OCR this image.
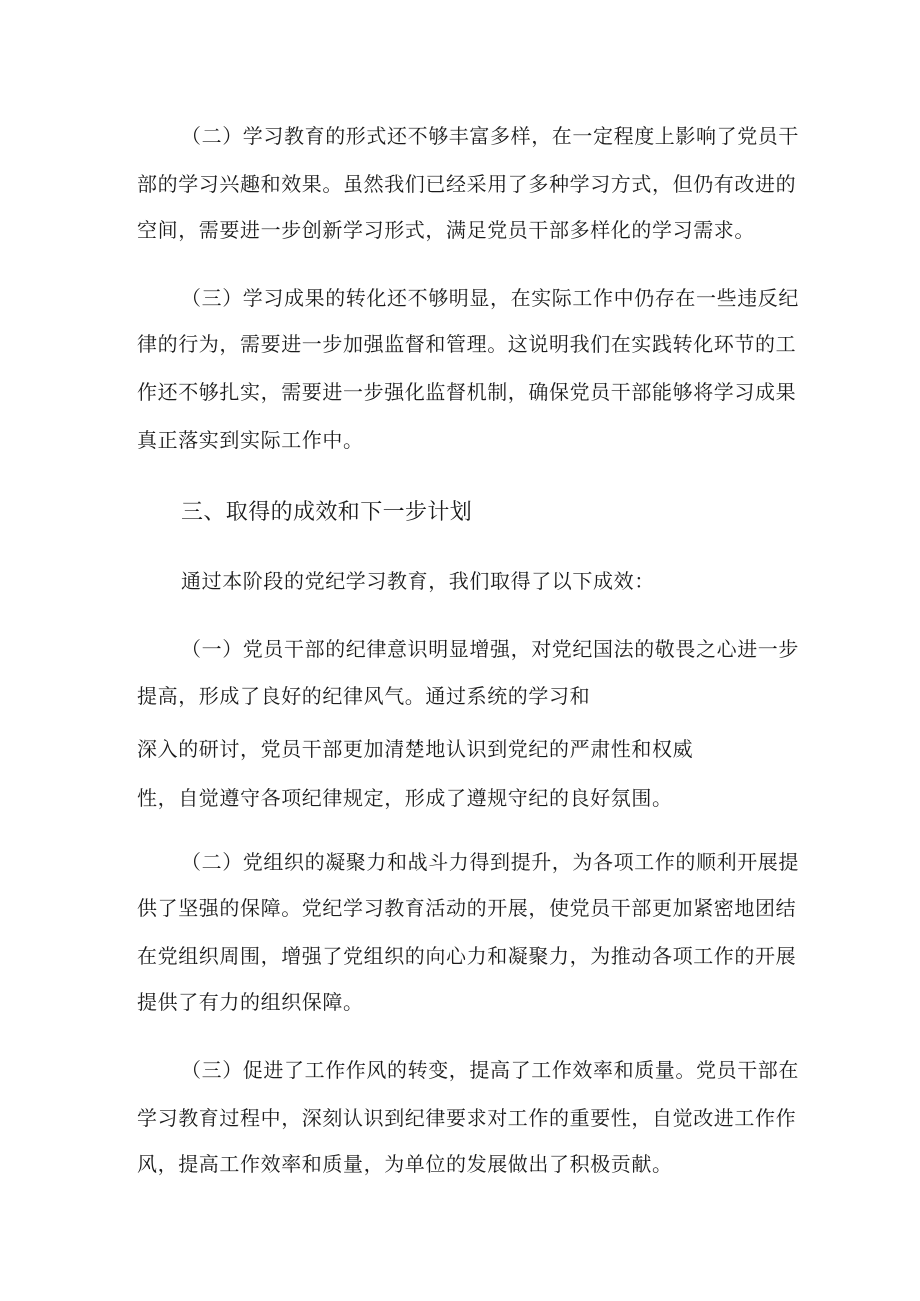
（二）学习教育的形式还不够丰富多样，在一定程度上影响了党员干
部的学习兴趣和效果。虽然我们已经采用了多种学习方式，但仍有改进的
空间，需要进一步创新学习形式，满足党员干部多样化的学习需求。
（三）学习成果的转化还不够明显，在实际工作中仍存在一些违反纪
律的行为，需要进一步加强监督和管理。这说明我们在实践转化环节的工
作还不够扎实，需要进一步强化监督机制，确保党员干部能够将学习成果
真正落实到实际工作中。
三、取得的成效和下一步计划
通过本阶段的党纪学习教育，我们取得了以下成效：
（一）党员干部的纪律意识明显增强，对党纪国法的敬畏之心进一步
提高，形成了良好的纪律风气。通过系统的学习和
深入的研讨，党员干部更加清楚地认识到党纪的严肃性和权威
性，自觉遵守各项纪律规定，形成了遵规守纪的良好氛围。
（二）党组织的凝聚力和战斗力得到提升，为各项工作的顺利开展提
供了坚强的保障。党纪学习教育活动的开展，使党员干部更加紧密地团结
在党组织周围，增强了党组织的向心力和凝聚力，为推动各项工作的开展
提供了有力的组织保障。
（三）促进了工作作风的转变，提高了工作效率和质量。党员干部在
学习教育过程中，深刻认识到纪律要求对工作的重要性，自觉改进工作作
风，提高工作效率和质量，为单位的发展做出了积极贡献。
